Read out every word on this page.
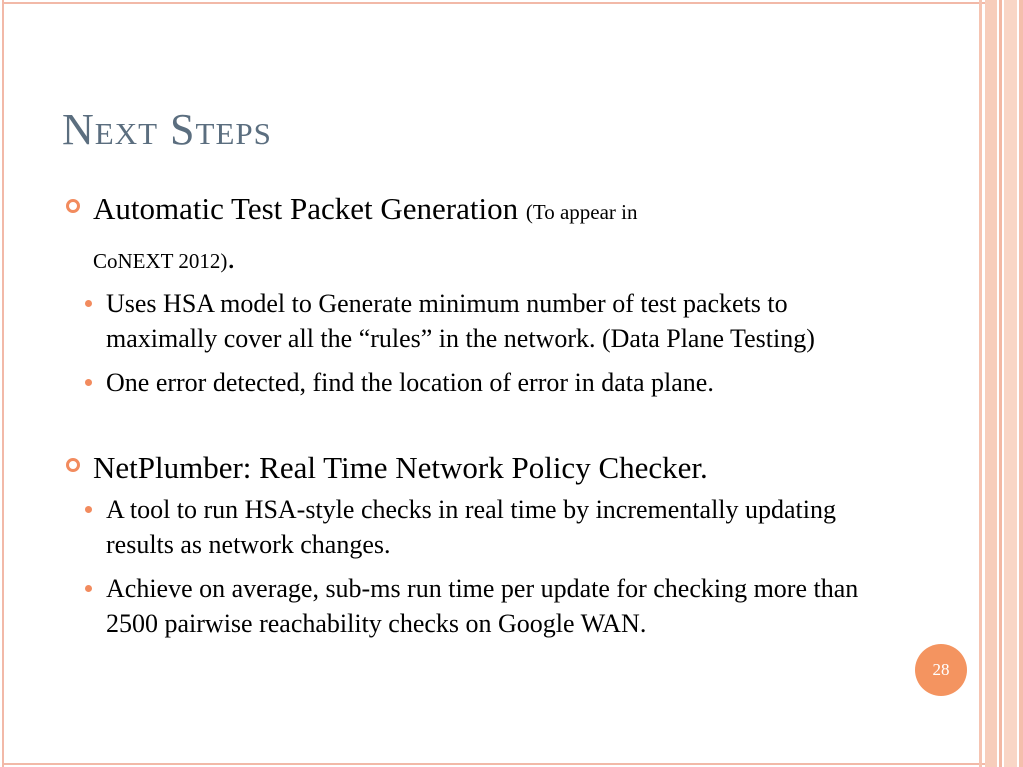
Next Steps
Automatic Test Packet Generation (To appear in
CoNEXT 2012).
Uses HSA model to Generate minimum number of test packets to maximally cover all the “rules” in the network. (Data Plane Testing)
One error detected, find the location of error in data plane.
NetPlumber: Real Time Network Policy Checker.
A tool to run HSA-style checks in real time by incrementally updating results as network changes.
Achieve on average, sub-ms run time per update for checking more than 2500 pairwise reachability checks on Google WAN.
28
